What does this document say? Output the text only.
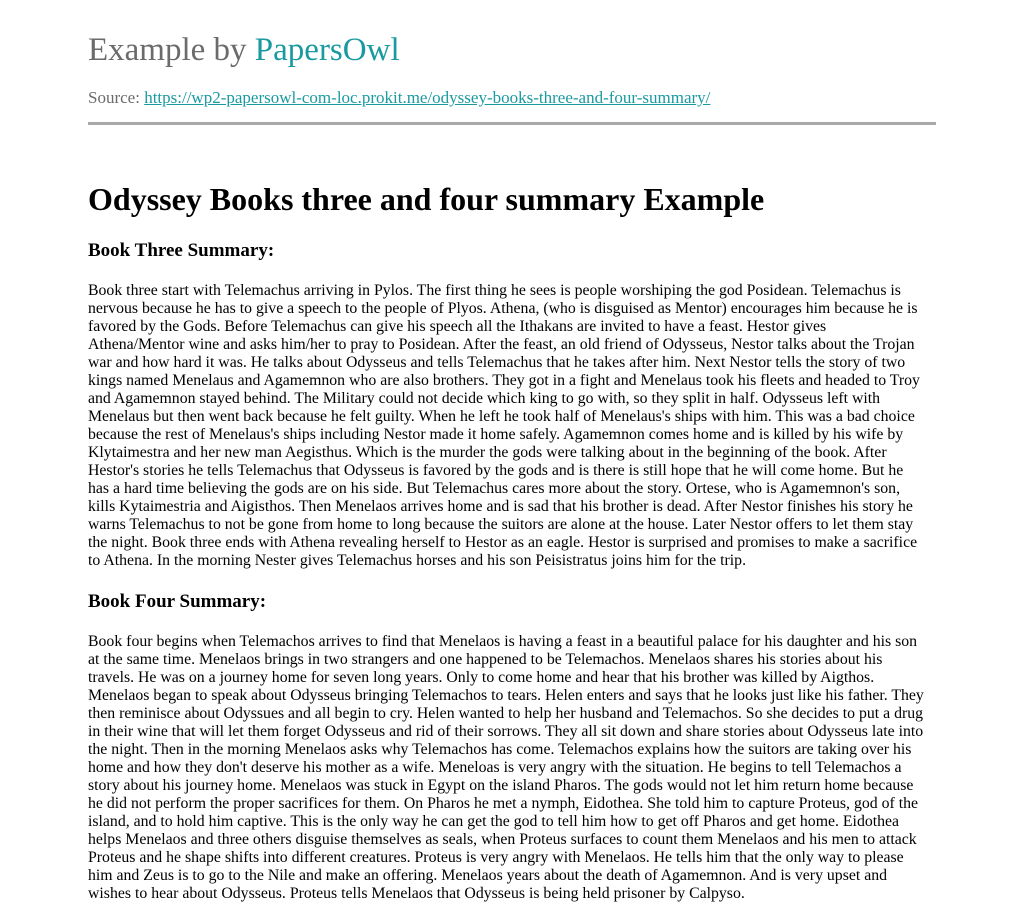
Example by PapersOwl
Source: https://wp2-papersowl-com-loc.prokit.me/odyssey-books-three-and-four-summary/
Odyssey Books three and four summary Example
Book Three Summary:
Book three start with Telemachus arriving in Pylos. The first thing he sees is people worshiping the god Posidean. Telemachus is
nervous because he has to give a speech to the people of Plyos. Athena, (who is disguised as Mentor) encourages him because he is
favored by the Gods. Before Telemachus can give his speech all the Ithakans are invited to have a feast. Hestor gives
Athena/Mentor wine and asks him/her to pray to Posidean. After the feast, an old friend of Odysseus, Nestor talks about the Trojan
war and how hard it was. He talks about Odysseus and tells Telemachus that he takes after him. Next Nestor tells the story of two
kings named Menelaus and Agamemnon who are also brothers. They got in a fight and Menelaus took his fleets and headed to Troy
and Agamemnon stayed behind. The Military could not decide which king to go with, so they split in half. Odysseus left with
Menelaus but then went back because he felt guilty. When he left he took half of Menelaus's ships with him. This was a bad choice
because the rest of Menelaus's ships including Nestor made it home safely. Agamemnon comes home and is killed by his wife by
Klytaimestra and her new man Aegisthus. Which is the murder the gods were talking about in the beginning of the book. After
Hestor's stories he tells Telemachus that Odysseus is favored by the gods and is there is still hope that he will come home. But he
has a hard time believing the gods are on his side. But Telemachus cares more about the story. Ortese, who is Agamemnon's son,
kills Kytaimestria and Aigisthos. Then Menelaos arrives home and is sad that his brother is dead. After Nestor finishes his story he
warns Telemachus to not be gone from home to long because the suitors are alone at the house. Later Nestor offers to let them stay
the night. Book three ends with Athena revealing herself to Hestor as an eagle. Hestor is surprised and promises to make a sacrifice
to Athena. In the morning Nester gives Telemachus horses and his son Peisistratus joins him for the trip.
Book Four Summary:
Book four begins when Telemachos arrives to find that Menelaos is having a feast in a beautiful palace for his daughter and his son
at the same time. Menelaos brings in two strangers and one happened to be Telemachos. Menelaos shares his stories about his
travels. He was on a journey home for seven long years. Only to come home and hear that his brother was killed by Aigthos.
Menelaos began to speak about Odysseus bringing Telemachos to tears. Helen enters and says that he looks just like his father. They
then reminisce about Odyssues and all begin to cry. Helen wanted to help her husband and Telemachos. So she decides to put a drug
in their wine that will let them forget Odysseus and rid of their sorrows. They all sit down and share stories about Odysseus late into
the night. Then in the morning Menelaos asks why Telemachos has come. Telemachos explains how the suitors are taking over his
home and how they don't deserve his mother as a wife. Meneloas is very angry with the situation. He begins to tell Telemachos a
story about his journey home. Menelaos was stuck in Egypt on the island Pharos. The gods would not let him return home because
he did not perform the proper sacrifices for them. On Pharos he met a nymph, Eidothea. She told him to capture Proteus, god of the
island, and to hold him captive. This is the only way he can get the god to tell him how to get off Pharos and get home. Eidothea
helps Menelaos and three others disguise themselves as seals, when Proteus surfaces to count them Menelaos and his men to attack
Proteus and he shape shifts into different creatures. Proteus is very angry with Menelaos. He tells him that the only way to please
him and Zeus is to go to the Nile and make an offering. Menelaos years about the death of Agamemnon. And is very upset and
wishes to hear about Odysseus. Proteus tells Menelaos that Odysseus is being held prisoner by Calpyso.
